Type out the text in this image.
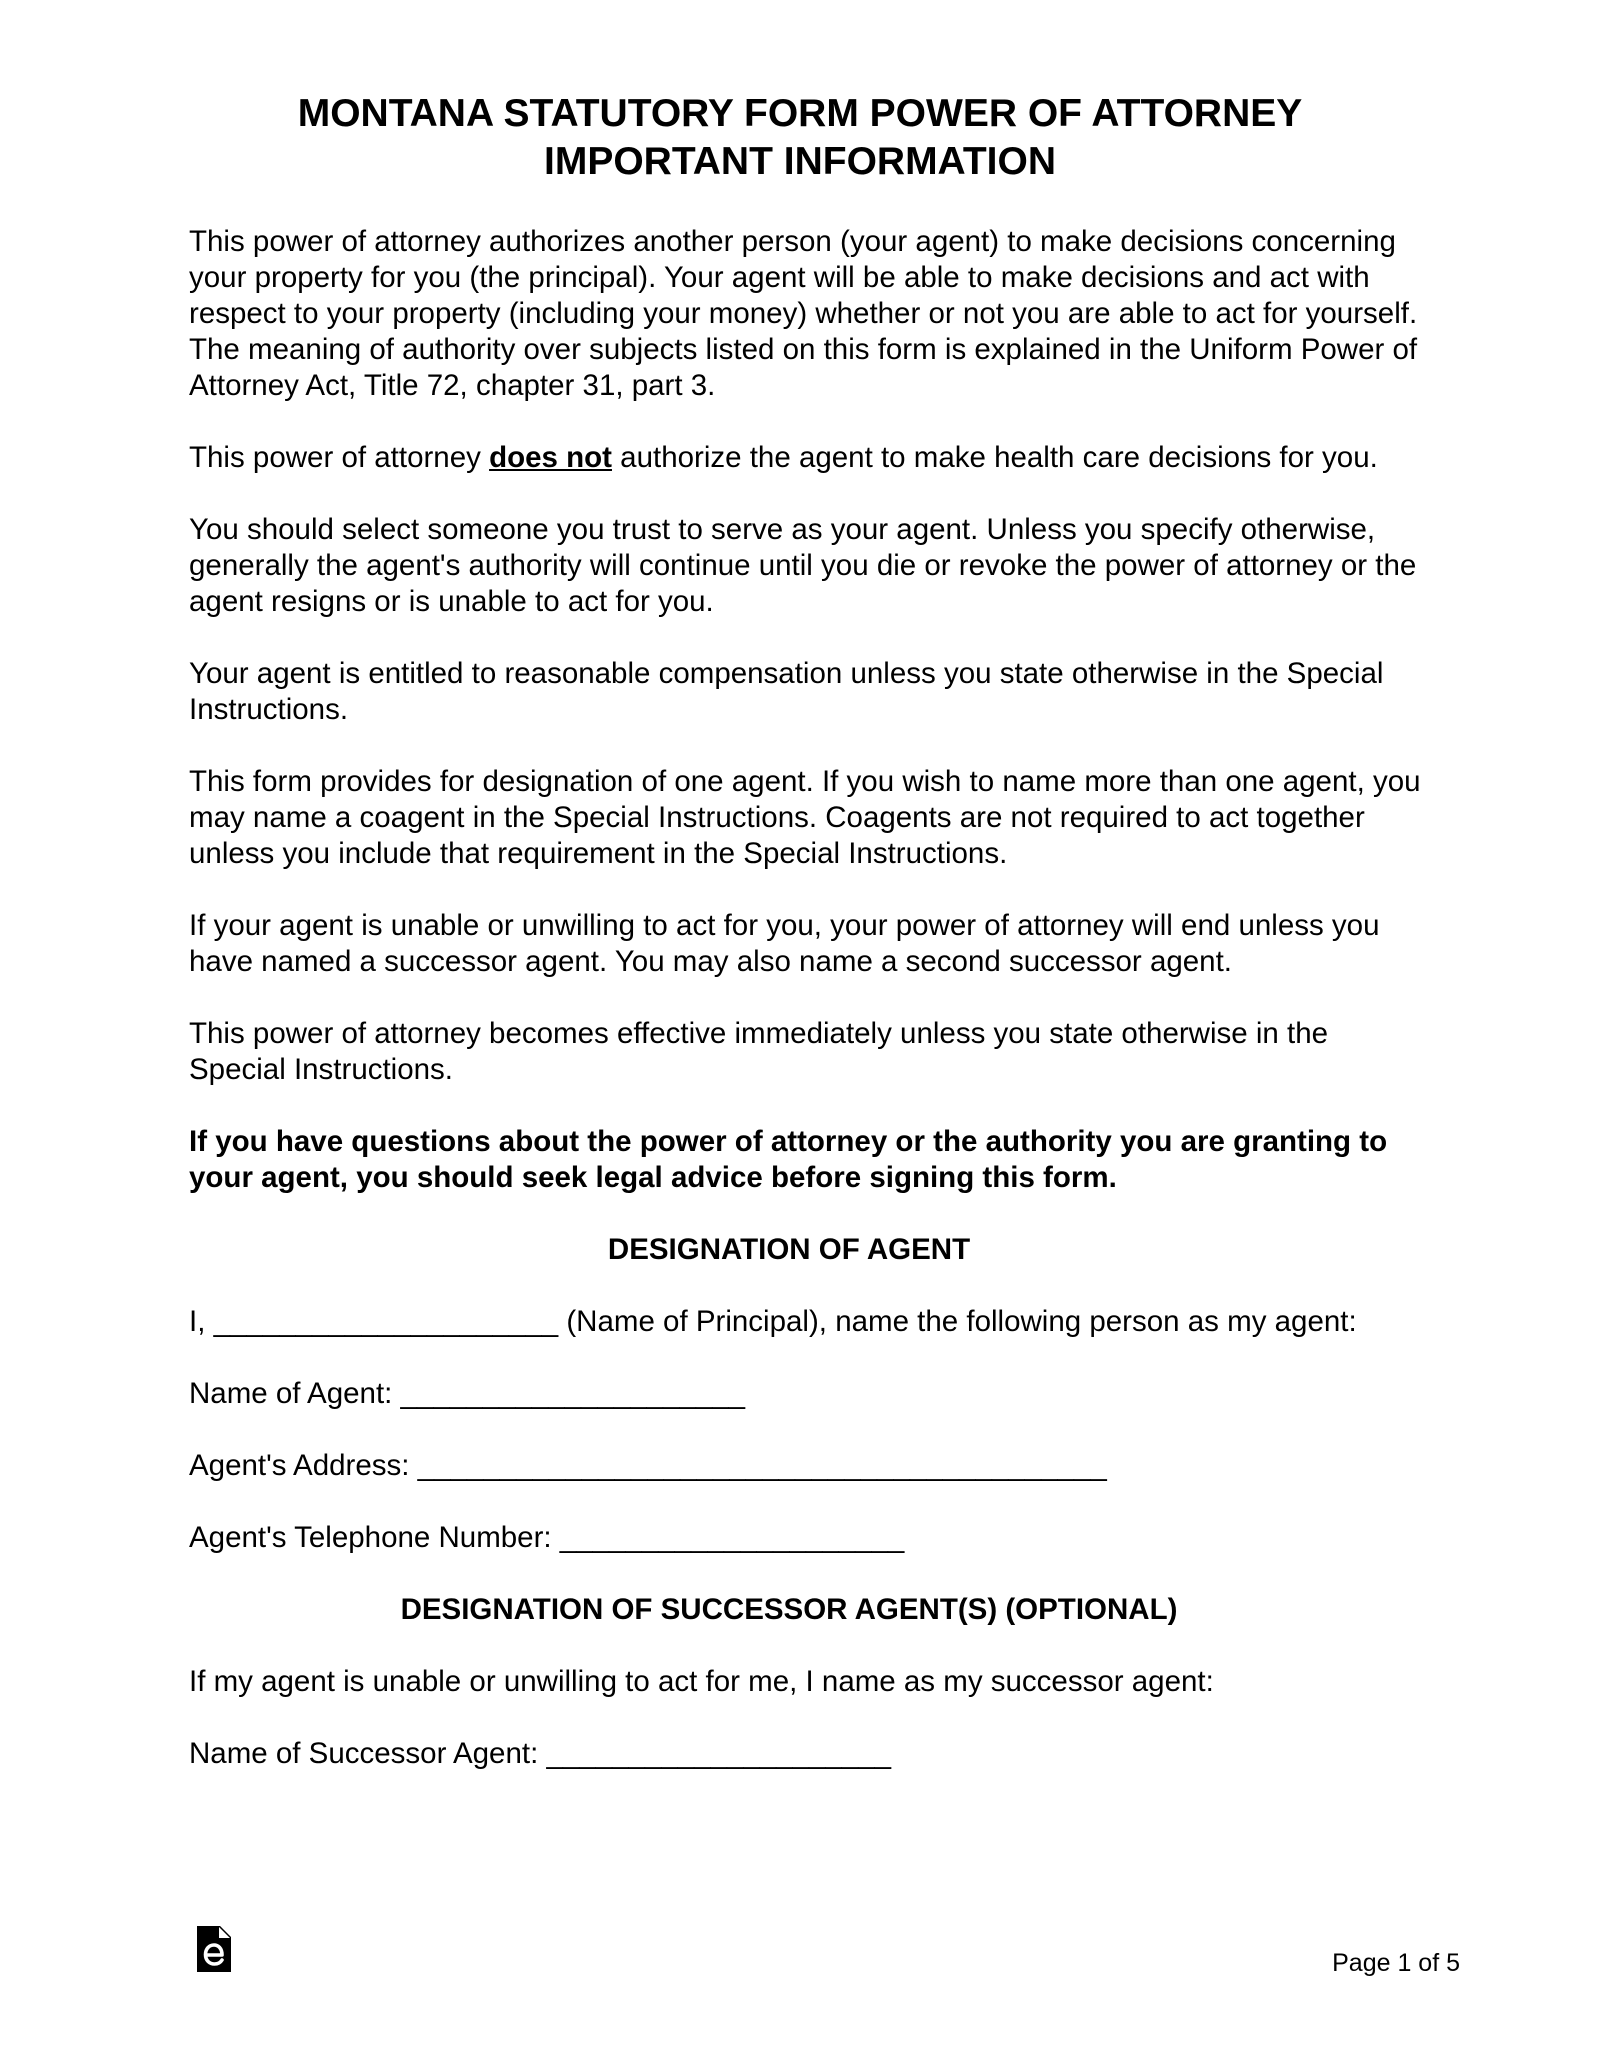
MONTANA STATUTORY FORM POWER OF ATTORNEY
IMPORTANT INFORMATION

This power of attorney authorizes another person (your agent) to make decisions concerning your property for you (the principal). Your agent will be able to make decisions and act with respect to your property (including your money) whether or not you are able to act for yourself. The meaning of authority over subjects listed on this form is explained in the Uniform Power of Attorney Act, Title 72, chapter 31, part 3.

This power of attorney does not authorize the agent to make health care decisions for you.

You should select someone you trust to serve as your agent. Unless you specify otherwise, generally the agent's authority will continue until you die or revoke the power of attorney or the agent resigns or is unable to act for you.

Your agent is entitled to reasonable compensation unless you state otherwise in the Special Instructions.

This form provides for designation of one agent. If you wish to name more than one agent, you may name a coagent in the Special Instructions. Coagents are not required to act together unless you include that requirement in the Special Instructions.

If your agent is unable or unwilling to act for you, your power of attorney will end unless you have named a successor agent. You may also name a second successor agent.

This power of attorney becomes effective immediately unless you state otherwise in the Special Instructions.

If you have questions about the power of attorney or the authority you are granting to your agent, you should seek legal advice before signing this form.

DESIGNATION OF AGENT

I, _____________________ (Name of Principal), name the following person as my agent:

Name of Agent: _____________________

Agent's Address: __________________________________________

Agent's Telephone Number: _____________________

DESIGNATION OF SUCCESSOR AGENT(S) (OPTIONAL)

If my agent is unable or unwilling to act for me, I name as my successor agent:

Name of Successor Agent: _____________________

Page 1 of 5
